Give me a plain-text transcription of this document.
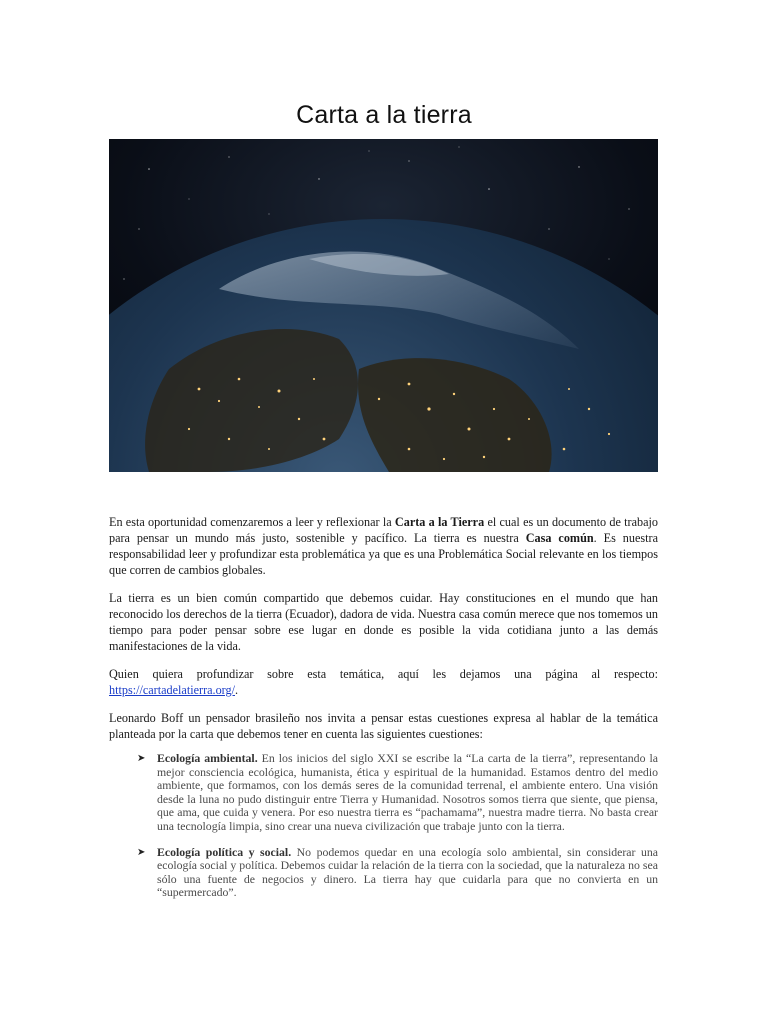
Carta a la tierra

En esta oportunidad comenzaremos a leer y reflexionar la Carta a la Tierra el cual es un documento de trabajo para pensar un mundo más justo, sostenible y pacífico. La tierra es nuestra Casa común. Es nuestra responsabilidad leer y profundizar esta problemática ya que es una Problemática Social relevante en los tiempos que corren de cambios globales.

La tierra es un bien común compartido que debemos cuidar. Hay constituciones en el mundo que han reconocido los derechos de la tierra (Ecuador), dadora de vida. Nuestra casa común merece que nos tomemos un tiempo para poder pensar sobre ese lugar en donde es posible la vida cotidiana junto a las demás manifestaciones de la vida.

Quien quiera profundizar sobre esta temática, aquí les dejamos una página al respecto: https://cartadelatierra.org/.

Leonardo Boff un pensador brasileño nos invita a pensar estas cuestiones expresa al hablar de la temática planteada por la carta que debemos tener en cuenta las siguientes cuestiones:

➤ Ecología ambiental. En los inicios del siglo XXI se escribe la “La carta de la tierra”, representando la mejor consciencia ecológica, humanista, ética y espiritual de la humanidad. Estamos dentro del medio ambiente, que formamos, con los demás seres de la comunidad terrenal, el ambiente entero. Una visión desde la luna no pudo distinguir entre Tierra y Humanidad. Nosotros somos tierra que siente, que piensa, que ama, que cuida y venera. Por eso nuestra tierra es “pachamama”, nuestra madre tierra. No basta crear una tecnología limpia, sino crear una nueva civilización que trabaje junto con la tierra.
➤ Ecología política y social. No podemos quedar en una ecología solo ambiental, sin considerar una ecología social y política. Debemos cuidar la relación de la tierra con la sociedad, que la naturaleza no sea sólo una fuente de negocios y dinero. La tierra hay que cuidarla para que no convierta en un “supermercado”.
